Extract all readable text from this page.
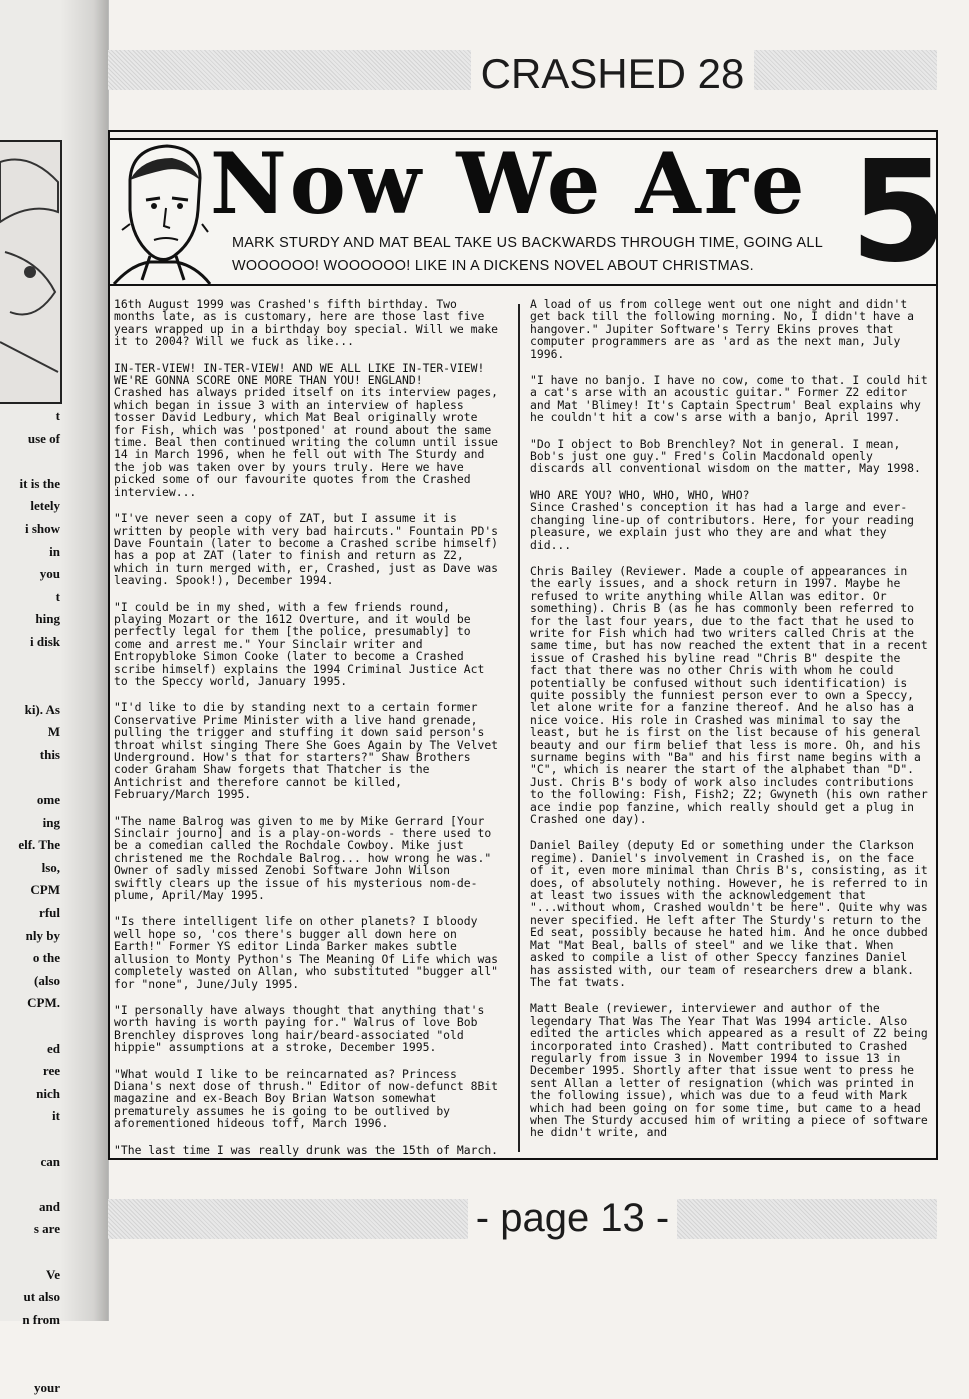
t
use of
it is the
letely
i show
in
you
t
hing
i disk
ki). As
M
this
ome
ing
elf. The
lso,
CPM
rful
nly by
o the
(also
CPM.
ed
ree
nich
it
can
and
s are
Ve
ut also
n from
your
CRASHED 28
Now We Are
MARK STURDY AND MAT BEAL TAKE US BACKWARDS THROUGH TIME, GOING ALL
WOOOOOO! WOOOOOO! LIKE IN A DICKENS NOVEL ABOUT CHRISTMAS. 5

16th August 1999 was Crashed's fifth birthday. Two months late, as is customary, here are those last five years wrapped up in a birthday boy special. Will we make it to 2004? Will we fuck as like...

IN-TER-VIEW! IN-TER-VIEW! AND WE ALL LIKE IN-TER-VIEW! WE'RE GONNA SCORE ONE MORE THAN YOU! ENGLAND!

Crashed has always prided itself on its interview pages, which began in issue 3 with an interview of hapless tosser David Ledbury, which Mat Beal originally wrote for Fish, which was 'postponed' at round about the same time. Beal then continued writing the column until issue 14 in March 1996, when he fell out with The Sturdy and the job was taken over by yours truly. Here we have picked some of our favourite quotes from the Crashed interview...

"I've never seen a copy of ZAT, but I assume it is written by people with very bad haircuts." Fountain PD's Dave Fountain (later to become a Crashed scribe himself) has a pop at ZAT (later to finish and return as Z2, which in turn merged with, er, Crashed, just as Dave was leaving. Spook!), December 1994.

"I could be in my shed, with a few friends round, playing Mozart or the 1612 Overture, and it would be perfectly legal for them [the police, presumably] to come and arrest me." Your Sinclair writer and Entropybloke Simon Cooke (later to become a Crashed scribe himself) explains the 1994 Criminal Justice Act to the Speccy world, January 1995.

"I'd like to die by standing next to a certain former Conservative Prime Minister with a live hand grenade, pulling the trigger and stuffing it down said person's throat whilst singing There She Goes Again by The Velvet Underground. How's that for starters?" Shaw Brothers coder Graham Shaw forgets that Thatcher is the Antichrist and therefore cannot be killed, February/March 1995.

"The name Balrog was given to me by Mike Gerrard [Your Sinclair journo] and is a play-on-words - there used to be a comedian called the Rochdale Cowboy. Mike just christened me the Rochdale Balrog... how wrong he was." Owner of sadly missed Zenobi Software John Wilson swiftly clears up the issue of his mysterious nom-de-plume, April/May 1995.

"Is there intelligent life on other planets? I bloody well hope so, 'cos there's bugger all down here on Earth!" Former YS editor Linda Barker makes subtle allusion to Monty Python's The Meaning Of Life which was completely wasted on Allan, who substituted "bugger all" for "none", June/July 1995.

"I personally have always thought that anything that's worth having is worth paying for." Walrus of love Bob Brenchley disproves long hair/beard-associated "old hippie" assumptions at a stroke, December 1995.

"What would I like to be reincarnated as? Princess Diana's next dose of thrush." Editor of now-defunct 8Bit magazine and ex-Beach Boy Brian Watson somewhat prematurely assumes he is going to be outlived by aforementioned hideous toff, March 1996.

"The last time I was really drunk was the 15th of March.

A load of us from college went out one night and didn't get back till the following morning. No, I didn't have a hangover." Jupiter Software's Terry Ekins proves that computer programmers are as 'ard as the next man, July 1996.

"I have no banjo. I have no cow, come to that. I could hit a cat's arse with an acoustic guitar." Former Z2 editor and Mat 'Blimey! It's Captain Spectrum' Beal explains why he couldn't hit a cow's arse with a banjo, April 1997.

"Do I object to Bob Brenchley? Not in general. I mean, Bob's just one guy." Fred's Colin Macdonald openly discards all conventional wisdom on the matter, May 1998.

WHO ARE YOU? WHO, WHO, WHO, WHO?

Since Crashed's conception it has had a large and ever-changing line-up of contributors. Here, for your reading pleasure, we explain just who they are and what they did...

Chris Bailey (Reviewer. Made a couple of appearances in the early issues, and a shock return in 1997. Maybe he refused to write anything while Allan was editor. Or something). Chris B (as he has commonly been referred to for the last four years, due to the fact that he used to write for Fish which had two writers called Chris at the same time, but has now reached the extent that in a recent issue of Crashed his byline read "Chris B" despite the fact that there was no other Chris with whom he could potentially be confused without such identification) is quite possibly the funniest person ever to own a Speccy, let alone write for a fanzine thereof. And he also has a nice voice. His role in Crashed was minimal to say the least, but he is first on the list because of his general beauty and our firm belief that less is more. Oh, and his surname begins with "Ba" and his first name begins with a "C", which is nearer the start of the alphabet than "D". Just. Chris B's body of work also includes contributions to the following: Fish, Fish2; Z2; Gwyneth (his own rather ace indie pop fanzine, which really should get a plug in Crashed one day).

Daniel Bailey (deputy Ed or something under the Clarkson regime). Daniel's involvement in Crashed is, on the face of it, even more minimal than Chris B's, consisting, as it does, of absolutely nothing. However, he is referred to in at least two issues with the acknowledgement that "...without whom, Crashed wouldn't be here". Quite why was never specified. He left after The Sturdy's return to the Ed seat, possibly because he hated him. And he once dubbed Mat "Mat Beal, balls of steel" and we like that. When asked to compile a list of other Speccy fanzines Daniel has assisted with, our team of researchers drew a blank. The fat twats.

Matt Beale (reviewer, interviewer and author of the legendary That Was The Year That Was 1994 article. Also edited the articles which appeared as a result of Z2 being incorporated into Crashed). Matt contributed to Crashed regularly from issue 3 in November 1994 to issue 13 in December 1995. Shortly after that issue went to press he sent Allan a letter of resignation (which was printed in the following issue), which was due to a feud with Mark which had been going on for some time, but came to a head when The Sturdy accused him of writing a piece of software he didn't write, and

- page 13 -
